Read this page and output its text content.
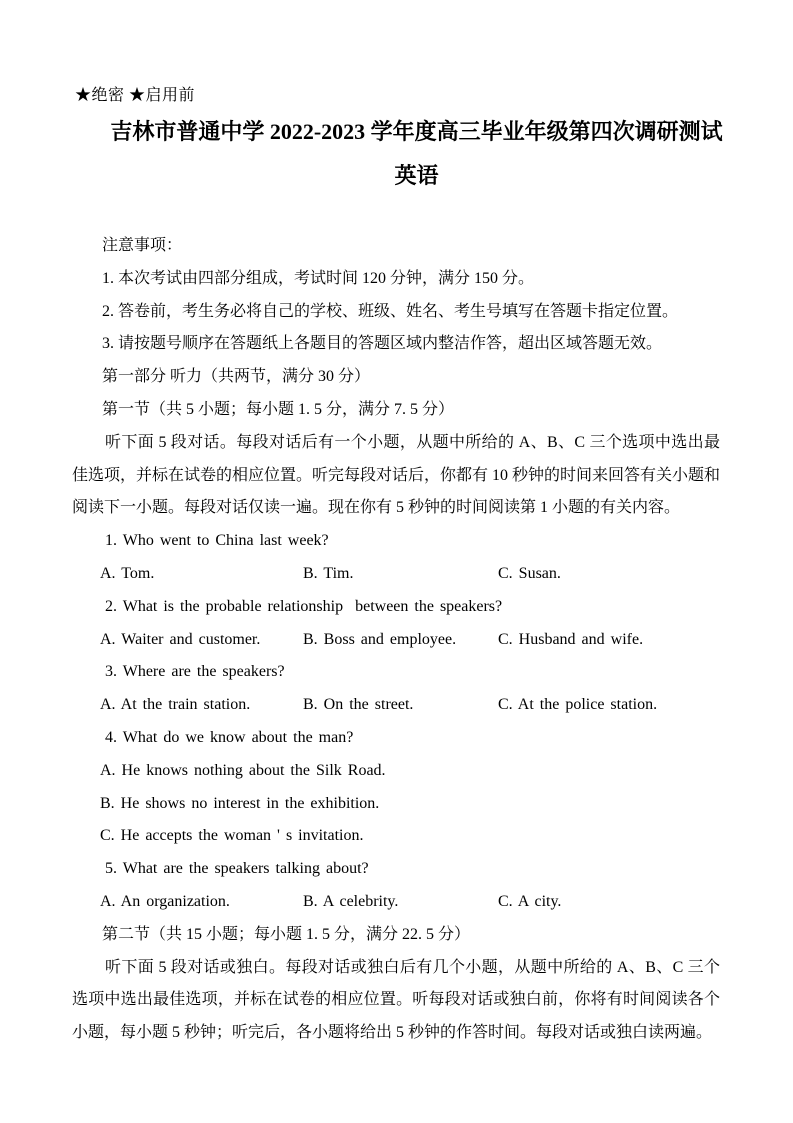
★绝密 ★启用前
吉林市普通中学 2022-2023 学年度高三毕业年级第四次调研测试
英语
注意事项：
1. 本次考试由四部分组成，考试时间 120 分钟，满分 150 分。
2. 答卷前，考生务必将自己的学校、班级、姓名、考生号填写在答题卡指定位置。
3. 请按题号顺序在答题纸上各题目的答题区域内整洁作答，超出区域答题无效。
第一部分 听力（共两节，满分 30 分）
第一节（共 5 小题；每小题 1. 5 分，满分 7. 5 分）

听下面 5 段对话。每段对话后有一个小题，从题中所给的 A、B、C 三个选项中选出最佳选项，并标在试卷的相应位置。听完每段对话后，你都有 10 秒钟的时间来回答有关小题和阅读下一小题。每段对话仅读一遍。现在你有 5 秒钟的时间阅读第 1 小题的有关内容。

1. Who went to China last week?
A. Tom.	B. Tim.	C. Susan.
2. What is the probable relationship  between the speakers?
A. Waiter and customer.	B. Boss and employee.	C. Husband and wife.
3. Where are the speakers?
A. At the train station.	B. On the street.	C. At the police station.
4. What do we know about the man?
A. He knows nothing about the Silk Road.
B. He shows no interest in the exhibition.
C. He accepts the woman ' s invitation.
5. What are the speakers talking about?
A. An organization.	B. A celebrity.	C. A city.
第二节（共 15 小题；每小题 1. 5 分，满分 22. 5 分）

听下面 5 段对话或独白。每段对话或独白后有几个小题，从题中所给的 A、B、C 三个选项中选出最佳选项，并标在试卷的相应位置。听每段对话或独白前，你将有时间阅读各个小题，每小题 5 秒钟；听完后，各小题将给出 5 秒钟的作答时间。每段对话或独白读两遍。
